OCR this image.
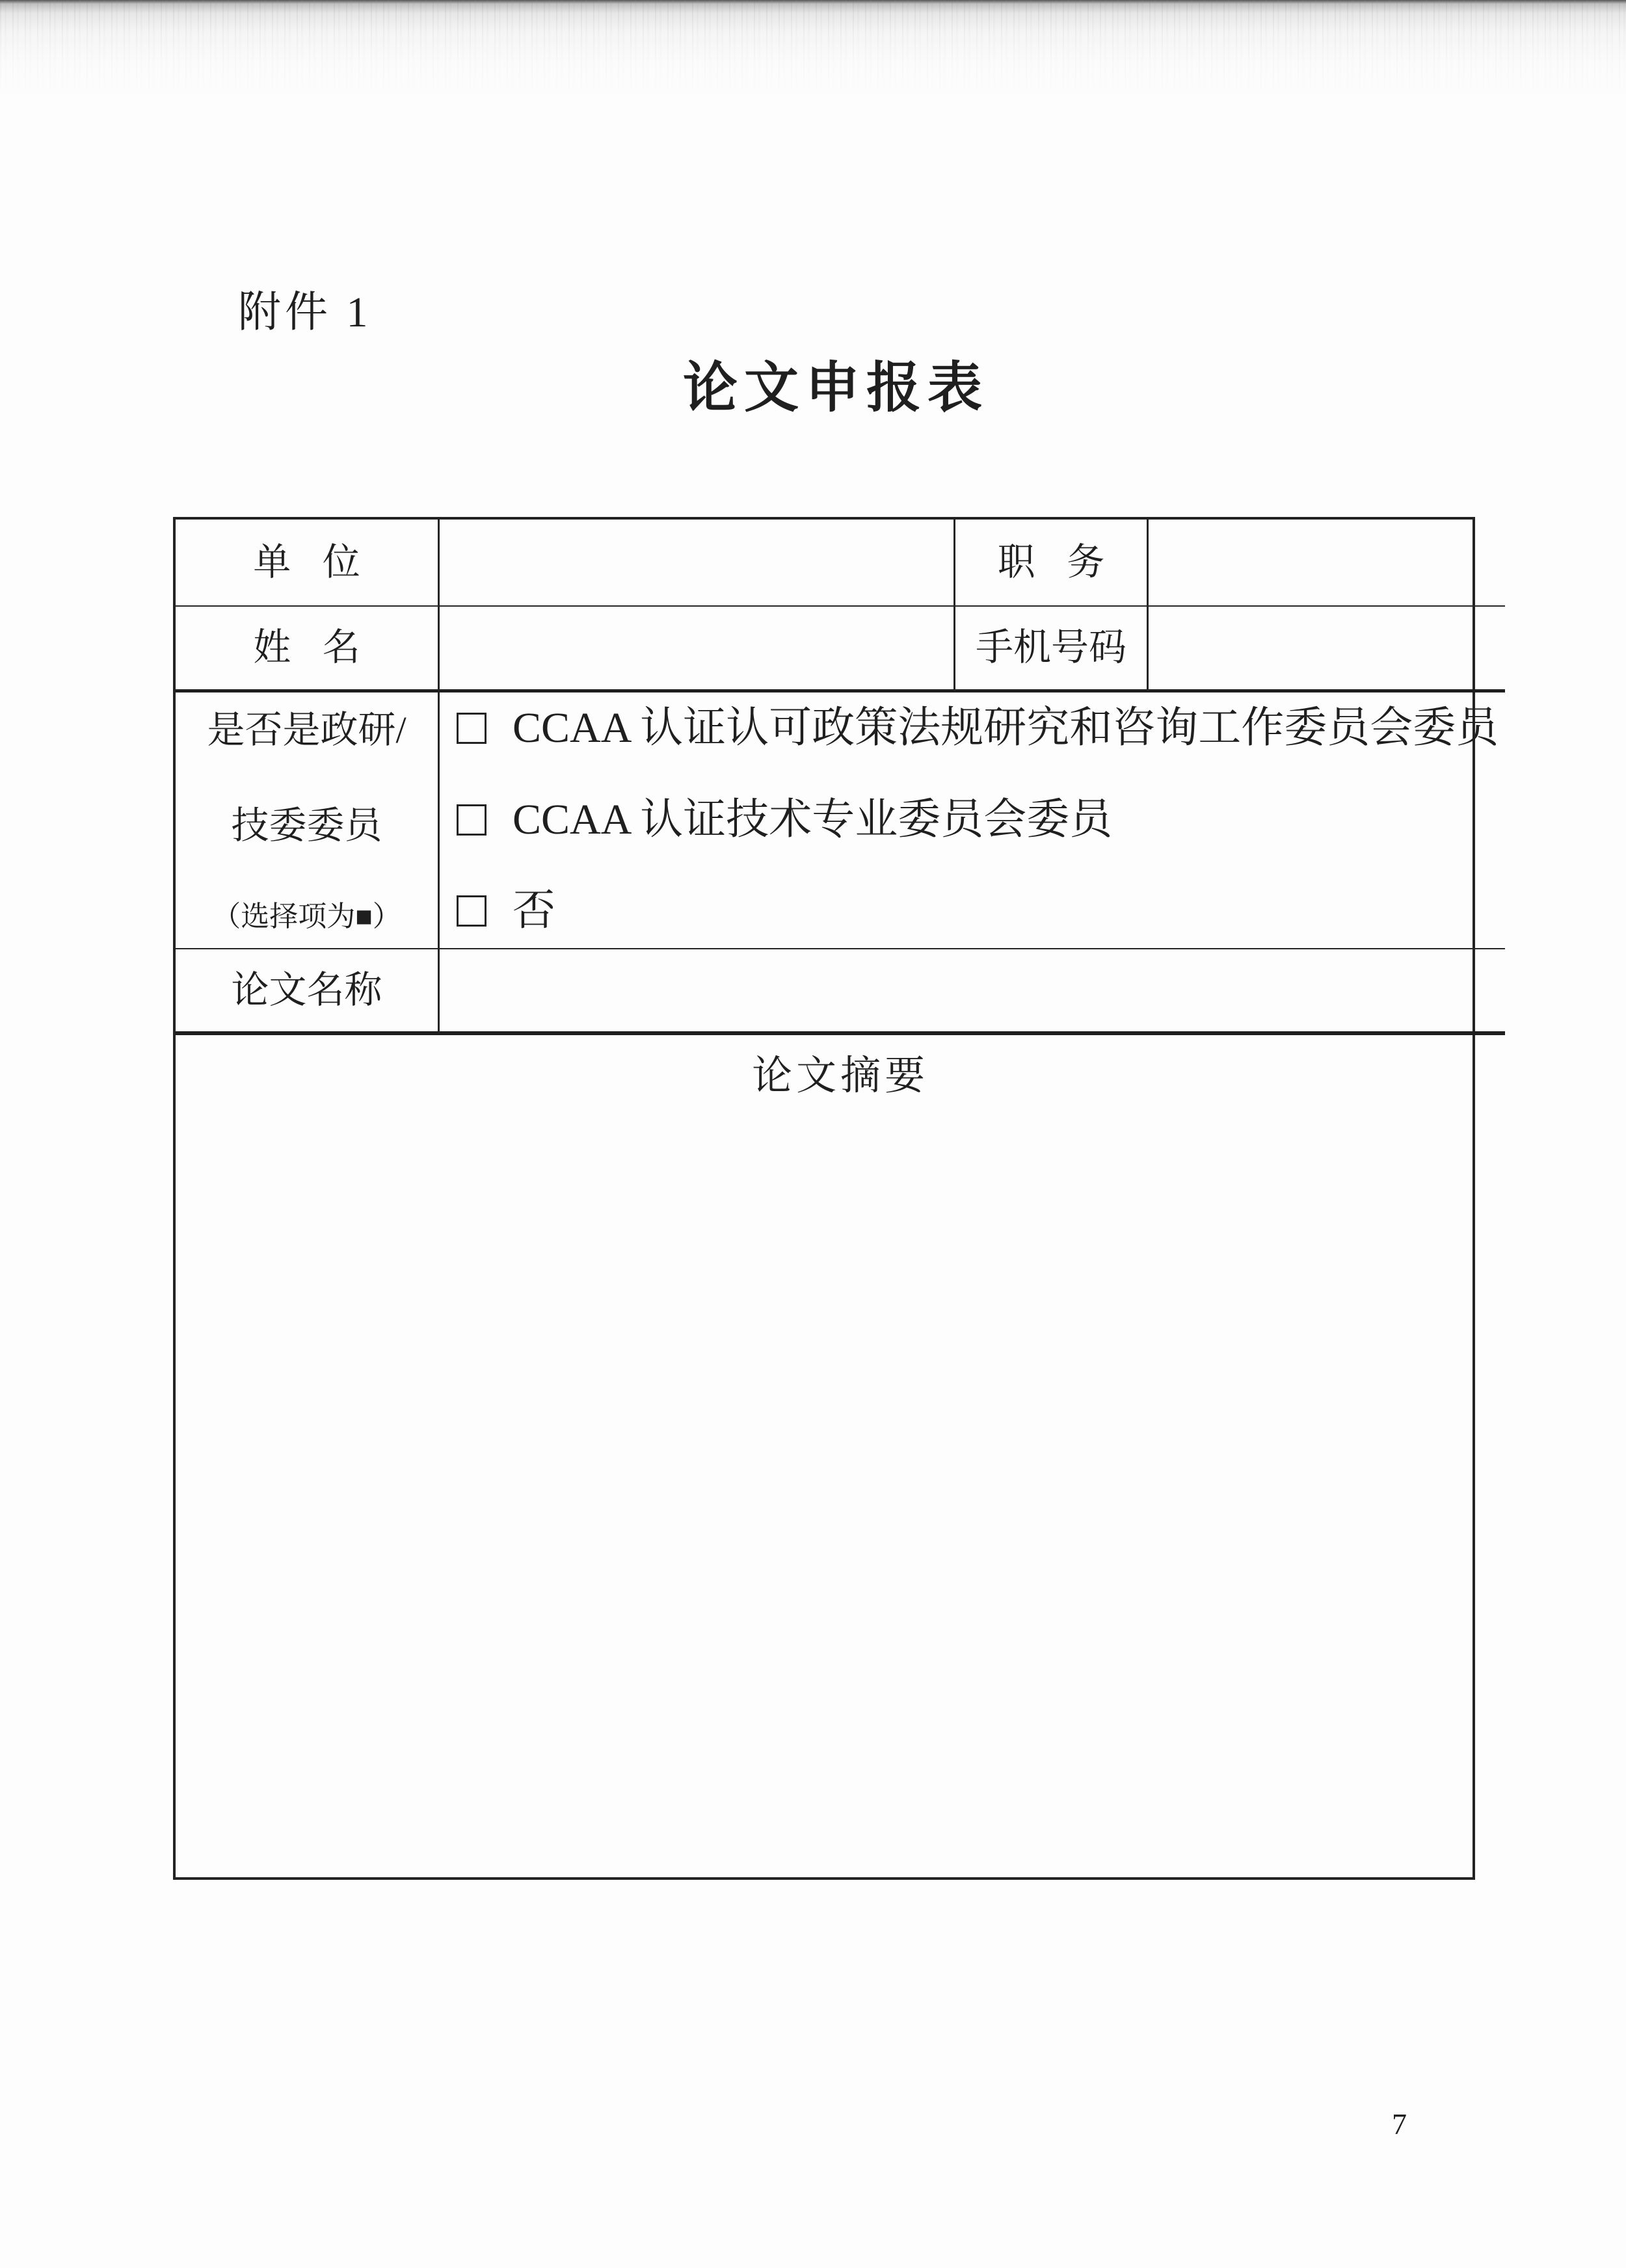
附件 1
论文申报表
单 位	职 务
姓 名	手机号码
是否是政研/
技委委员
（选择项为■）
CCAA 认证认可政策法规研究和咨询工作委员会委员
CCAA 认证技术专业委员会委员
否
论文名称
论文摘要
7
